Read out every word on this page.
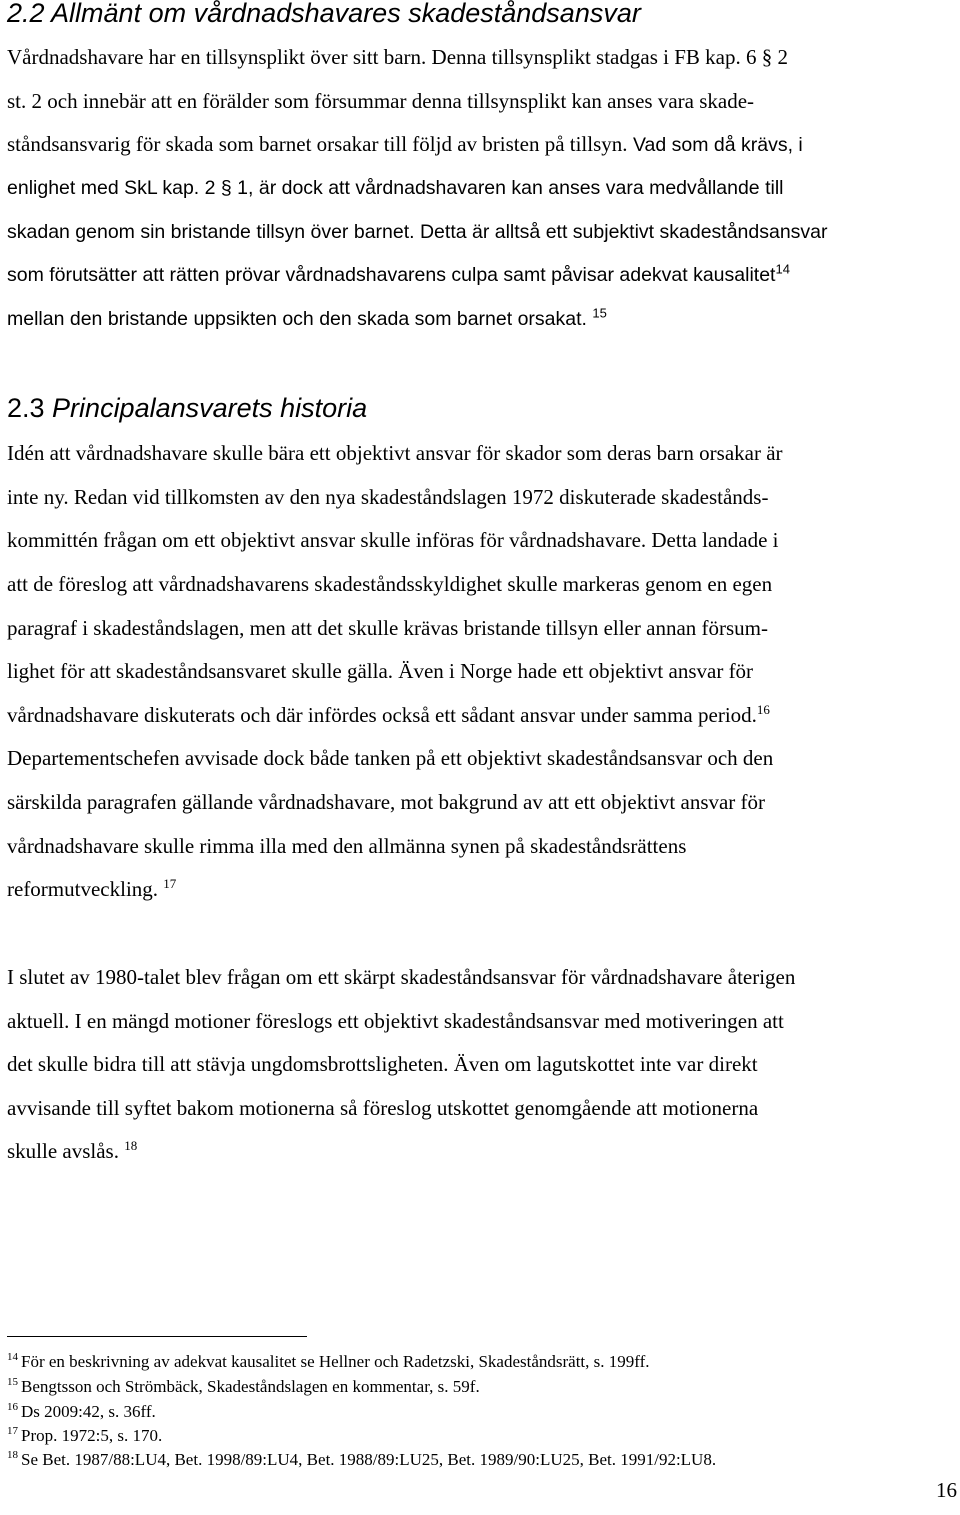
2.2 Allmänt om vårdnadshavares skadeståndsansvar
Vårdnadshavare har en tillsynsplikt över sitt barn. Denna tillsynsplikt stadgas i FB kap. 6 § 2
st. 2 och innebär att en förälder som försummar denna tillsynsplikt kan anses vara skade-
ståndsansvarig för skada som barnet orsakar till följd av bristen på tillsyn. Vad som då krävs, i
enlighet med SkL kap. 2 § 1, är dock att vårdnadshavaren kan anses vara medvållande till
skadan genom sin bristande tillsyn över barnet. Detta är alltså ett subjektivt skadeståndsansvar
som förutsätter att rätten prövar vårdnadshavarens culpa samt påvisar adekvat kausalitet$^{14}$
mellan den bristande uppsikten och den skada som barnet orsakat. $^{15}$
2.3 Principalansvarets historia
Idén att vårdnadshavare skulle bära ett objektivt ansvar för skador som deras barn orsakar är
inte ny. Redan vid tillkomsten av den nya skadeståndslagen 1972 diskuterade skadestånds-
kommittén frågan om ett objektivt ansvar skulle införas för vårdnadshavare. Detta landade i
att de föreslog att vårdnadshavarens skadeståndsskyldighet skulle markeras genom en egen
paragraf i skadeståndslagen, men att det skulle krävas bristande tillsyn eller annan försum-
lighet för att skadeståndsansvaret skulle gälla. Även i Norge hade ett objektivt ansvar för
vårdnadshavare diskuterats och där infördes också ett sådant ansvar under samma period.$^{16}$
Departementschefen avvisade dock både tanken på ett objektivt skadeståndsansvar och den
särskilda paragrafen gällande vårdnadshavare, mot bakgrund av att ett objektivt ansvar för
vårdnadshavare skulle rimma illa med den allmänna synen på skadeståndsrättens
reformutveckling. $^{17}$
I slutet av 1980-talet blev frågan om ett skärpt skadeståndsansvar för vårdnadshavare återigen
aktuell. I en mängd motioner föreslogs ett objektivt skadeståndsansvar med motiveringen att
det skulle bidra till att stävja ungdomsbrottsligheten. Även om lagutskottet inte var direkt
avvisande till syftet bakom motionerna så föreslog utskottet genomgående att motionerna
skulle avslås. $^{18}$
$^{14}$ För en beskrivning av adekvat kausalitet se Hellner och Radetzski, Skadeståndsrätt, s. 199ff.
$^{15}$ Bengtsson och Strömbäck, Skadeståndslagen en kommentar, s. 59f.
$^{16}$ Ds 2009:42, s. 36ff.
$^{17}$ Prop. 1972:5, s. 170.
$^{18}$ Se Bet. 1987/88:LU4, Bet. 1998/89:LU4, Bet. 1988/89:LU25, Bet. 1989/90:LU25, Bet. 1991/92:LU8.
16
